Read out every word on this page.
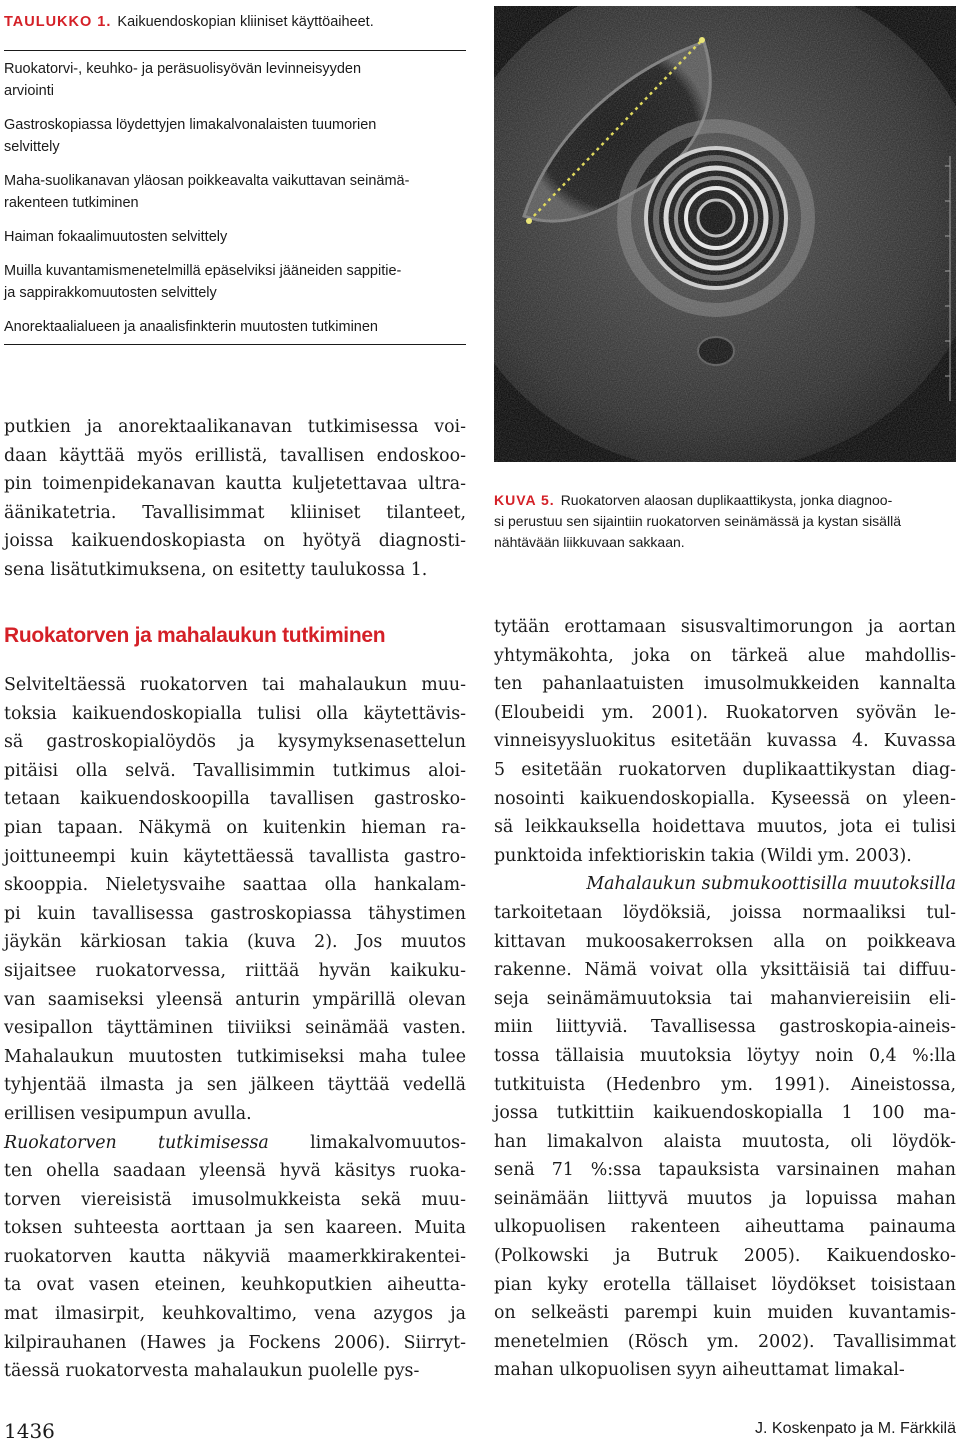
TAULUKKO 1. Kaikuendoskopian kliiniset käyttöaiheet.
Ruokatorvi-, keuhko- ja peräsuolisyövän levinneisyyden
arviointi
Gastroskopiassa löydettyjen limakalvonalaisten tuumorien
selvittely
Maha-suolikanavan yläosan poikkeavalta vaikuttavan seinämä-
rakenteen tutkiminen
Haiman fokaalimuutosten selvittely
Muilla kuvantamismenetelmillä epäselviksi jääneiden sappitie-
ja sappirakkomuutosten selvittely
Anorektaalialueen ja anaalisfinkterin muutosten tutkiminen
KUVA 5. Ruokatorven alaosan duplikaattikysta, jonka diagnoo-
si perustuu sen sijaintiin ruokatorven seinämässä ja kystan sisällä
nähtävään liikkuvaan sakkaan.
putkien ja anorektaalikanavan tutkimisessa voi-
daan käyttää myös erillistä, tavallisen endoskoo-
pin toimenpidekanavan kautta kuljetettavaa ultra-
äänikatetria. Tavallisimmat kliiniset tilanteet,
joissa kaikuendoskopiasta on hyötyä diagnosti-
sena lisätutkimuksena, on esitetty taulukossa 1.
Ruokatorven ja mahalaukun tutkiminen
Selviteltäessä ruokatorven tai mahalaukun muu-
toksia kaikuendoskopialla tulisi olla käytettävis-
sä gastroskopialöydös ja kysymyksenasettelun
pitäisi olla selvä. Tavallisimmin tutkimus aloi-
tetaan kaikuendoskoopilla tavallisen gastrosko-
pian tapaan. Näkymä on kuitenkin hieman ra-
joittuneempi kuin käytettäessä tavallista gastro-
skooppia. Nieletysvaihe saattaa olla hankalam-
pi kuin tavallisessa gastroskopiassa tähystimen
jäykän kärkiosan takia (kuva 2). Jos muutos
sijaitsee ruokatorvessa, riittää hyvän kaikuku-
van saamiseksi yleensä anturin ympärillä olevan
vesipallon täyttäminen tiiviiksi seinämää vasten.
Mahalaukun muutosten tutkimiseksi maha tulee
tyhjentää ilmasta ja sen jälkeen täyttää vedellä
erillisen vesipumpun avulla.
Ruokatorven tutkimisessa limakalvomuutos-
ten ohella saadaan yleensä hyvä käsitys ruoka-
torven viereisistä imusolmukkeista sekä muu-
toksen suhteesta aorttaan ja sen kaareen. Muita
ruokatorven kautta näkyviä maamerkkirakentei-
ta ovat vasen eteinen, keuhkoputkien aiheutta-
mat ilmasirpit, keuhkovaltimo, vena azygos ja
kilpirauhanen (Hawes ja Fockens 2006). Siirryt-
täessä ruokatorvesta mahalaukun puolelle pys-
tytään erottamaan sisusvaltimorungon ja aortan
yhtymäkohta, joka on tärkeä alue mahdollis-
ten pahanlaatuisten imusolmukkeiden kannalta
(Eloubeidi ym. 2001). Ruokatorven syövän le-
vinneisyysluokitus esitetään kuvassa 4. Kuvassa
5 esitetään ruokatorven duplikaattikystan diag-
nosointi kaikuendoskopialla. Kyseessä on yleen-
sä leikkauksella hoidettava muutos, jota ei tulisi
punktoida infektioriskin takia (Wildi ym. 2003).
Mahalaukun submukoottisilla muutoksilla
tarkoitetaan löydöksiä, joissa normaaliksi tul-
kittavan mukoosakerroksen alla on poikkeava
rakenne. Nämä voivat olla yksittäisiä tai diffuu-
seja seinämämuutoksia tai mahanviereisiin eli-
miin liittyviä. Tavallisessa gastroskopia-aineis-
tossa tällaisia muutoksia löytyy noin 0,4 %:lla
tutkituista (Hedenbro ym. 1991). Aineistossa,
jossa tutkittiin kaikuendoskopialla 1 100 ma-
han limakalvon alaista muutosta, oli löydök-
senä 71 %:ssa tapauksista varsinainen mahan
seinämään liittyvä muutos ja lopuissa mahan
ulkopuolisen rakenteen aiheuttama painauma
(Polkowski ja Butruk 2005). Kaikuendosko-
pian kyky erotella tällaiset löydökset toisistaan
on selkeästi parempi kuin muiden kuvantamis-
menetelmien (Rösch ym. 2002). Tavallisimmat
mahan ulkopuolisen syyn aiheuttamat limakal-
1436	J. Koskenpato ja M. Färkkilä
